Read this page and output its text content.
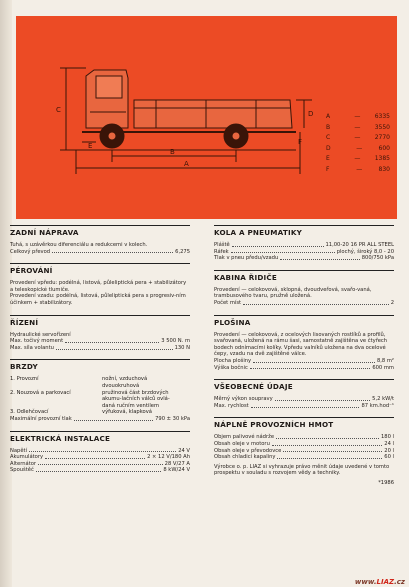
C
B
A
D
E	F
A	— 6335
B	— 3550
C	— 2770
D	—	600
E	— 1385
F	—	830
ZADNÍ NÁPRAVA
Tuhá, s uzávěrkou diferenciálu a redukcemi v kolech.
Celkový převod	6,275
PÉROVÁNÍ
Provedení vpředu: podélná, listová, půleliptická pera + stabilizátory a teleskopické tlumiče.
Provedení vzadu: podélná, listová, půleliptická pera s progresiv-ním účinkem + stabilizátory.
ŘÍZENÍ
Hydraulické servořízení
Max. točivý moment	3 500 N. m
Max. síla volantu	130 N
BRZDY
1. Provozní	nožní, vzduchová dvouokruhová
2. Nouzová a parkovací	pružinová část brzdových akumu-lačních válců ovlá-daná ručním ventilem
3. Odlehčovací	výfuková, klapková
Maximální provozní tlak	790 ± 30 kPa
ELEKTRICKÁ INSTALACE
Napětí	24 V
Akumulátory	2 × 12 V/180 Ah
Alternátor	28 V/27 A
Spouštěč	8 kW/24 V
KOLA A PNEUMATIKY
Pláště	11,00-20 16 PR ALL STEEL
Ráfek	plochý, široký 8,0 - 20
Tlak v pneu předu/vzadu	800/750 kPa
KABINA ŘIDIČE
Provedení — celokovová, sklopná, dvoudveřová, svařo-vaná, trambusového tvaru, pružně uložená.
Počet míst	2
PLOŠINA
Provedení — celokovová, z ocelových lisovaných rostlíků a profilů, svařovaná, uložená na rámu šasi, samostatně zajištěna ve čtyřech bodech odnímacími kolíky. Vpředu valníků uložena na dva ocelové čepy, vzadu na dvě zajištěné válce.
Plocha plošiny	8,8 m²
Výška bočnic	600 mm
VŠEOBECNÉ ÚDAJE
Měrný výkon soupravy	5,2 kW/t
Max. rychlost	87 km.hod⁻¹
NÁPLNĚ PROVOZNÍCH HMOT
Objem palivové nádrže	180 l
Obsah oleje v motoru	24 l
Obsah oleje v převodovce	20 l
Obsah chladicí kapaliny	60 l
Výrobce o. p. LIAZ si vyhrazuje právo měnit údaje uvedené v tomto prospektu v souladu s rozvojem vědy a techniky.
*1986
www.LIAZ.cz
